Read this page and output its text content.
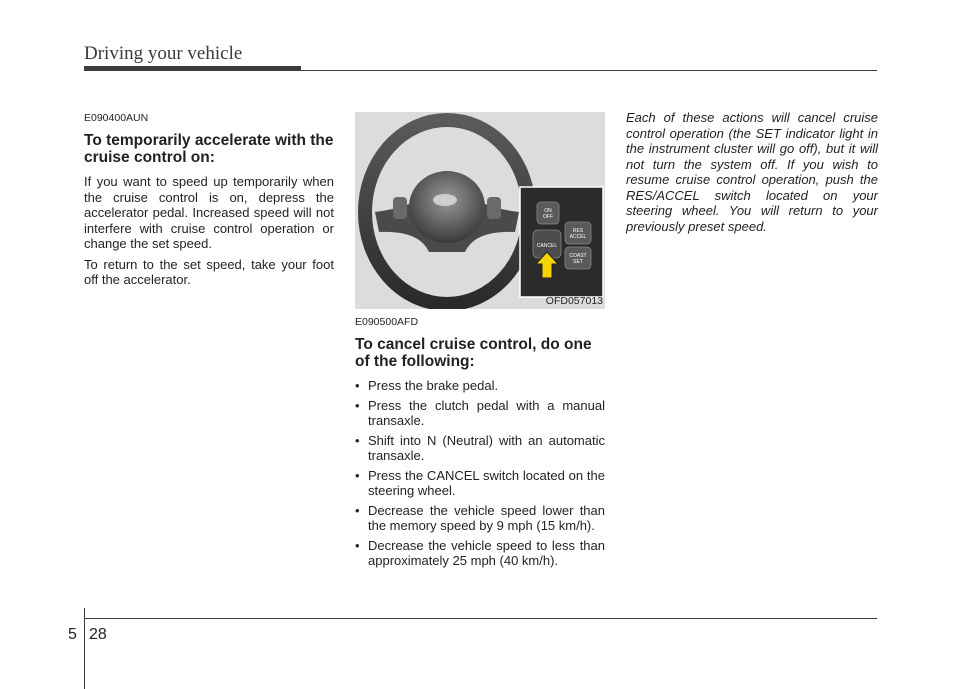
Driving your vehicle
E090400AUN
To temporarily accelerate with the cruise control on:

If you want to speed up temporarily when the cruise control is on, depress the accelerator pedal. Increased speed will not interfere with cruise control operation or change the set speed.

To return to the set speed, take your foot off the accelerator.

ON
OFF
RES
ACCEL
CANCEL
COAST
SET
OFD057013
E090500AFD
To cancel cruise control, do one of the following:
• Press the brake pedal.
• Press the clutch pedal with a manual transaxle.
• Shift into N (Neutral) with an automatic transaxle.
• Press the CANCEL switch located on the steering wheel.
• Decrease the vehicle speed lower than the memory speed by 9 mph (15 km/h).
• Decrease the vehicle speed to less than approximately 25 mph (40 km/h).

Each of these actions will cancel cruise control operation (the SET indicator light in the instrument cluster will go off), but it will not turn the system off. If you wish to resume cruise control operation, push the RES/ACCEL switch located on your steering wheel. You will return to your previously preset speed.

5 28
